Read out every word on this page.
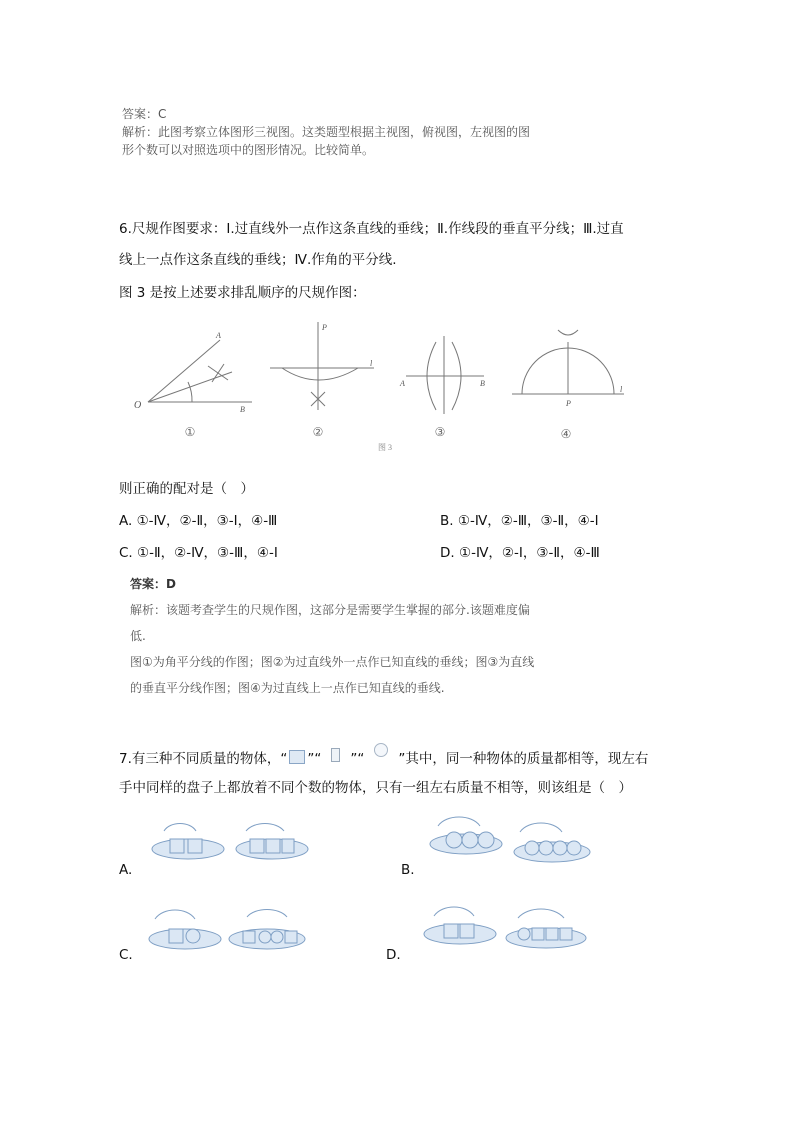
答案：C
解析：此图考察立体图形三视图。这类题型根据主视图，俯视图，左视图的图
形个数可以对照选项中的图形情况。比较简单。
6.尺规作图要求：Ⅰ.过直线外一点作这条直线的垂线；Ⅱ.作线段的垂直平分线；Ⅲ.过直
线上一点作这条直线的垂线；Ⅳ.作角的平分线.
图 3 是按上述要求排乱顺序的尺规作图：
O
A
B
P
l
A	B
P
l
①	②	③	④
图 3
则正确的配对是（　）
A. ①-Ⅳ，②-Ⅱ，③-Ⅰ，④-Ⅲ	B. ①-Ⅳ，②-Ⅲ，③-Ⅱ，④-Ⅰ
C. ①-Ⅱ，②-Ⅳ，③-Ⅲ，④-Ⅰ	D. ①-Ⅳ，②-Ⅰ，③-Ⅱ，④-Ⅲ
答案：D
解析：该题考查学生的尺规作图，这部分是需要学生掌握的部分.该题难度偏
低.
图①为角平分线的作图；图②为过直线外一点作已知直线的垂线；图③为直线
的垂直平分线作图；图④为过直线上一点作已知直线的垂线.
7.有三种不同质量的物体，“ ”“ ”“	”其中，同一种物体的质量都相等，现左右
手中同样的盘子上都放着不同个数的物体，只有一组左右质量不相等，则该组是（　）
A.	B.
C.	D.
